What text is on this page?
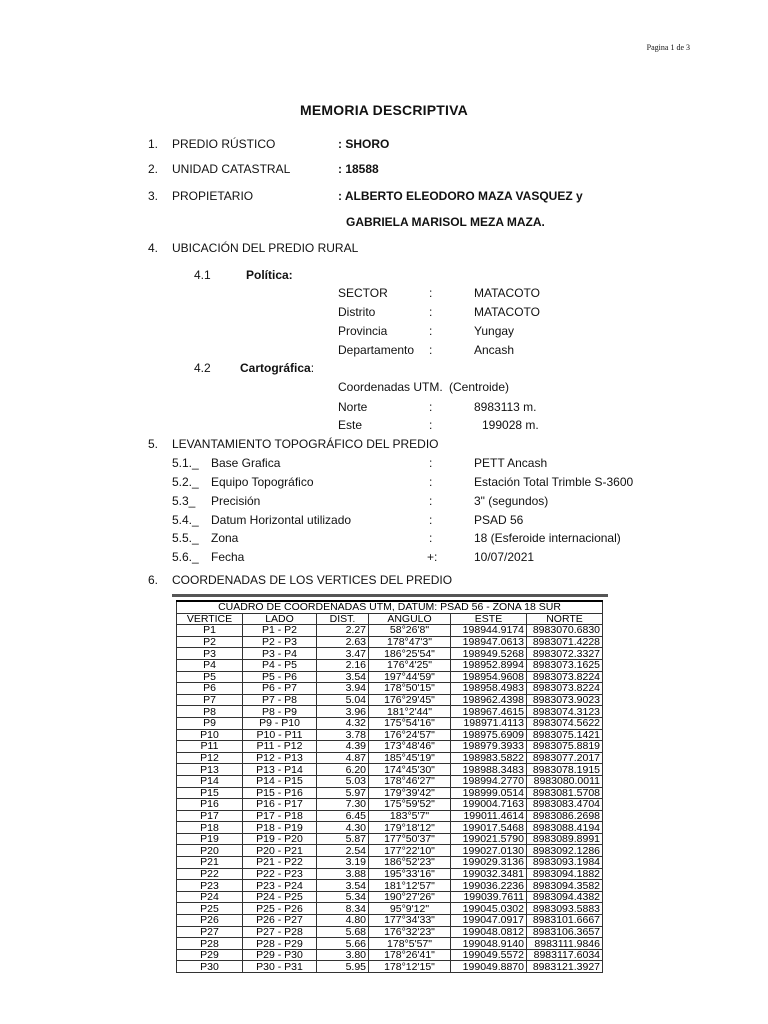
Pagina 1 de 3
MEMORIA DESCRIPTIVA
1. PREDIO RÚSTICO	: SHORO
2. UNIDAD CATASTRAL	: 18588
3. PROPIETARIO	: ALBERTO ELEODORO MAZA VASQUEZ y
GABRIELA MARISOL MEZA MAZA.
4. UBICACIÓN DEL PREDIO RURAL
4.1	Política:
SECTOR	:	MATACOTO
Distrito	:	MATACOTO
Provincia	:	Yungay
Departamento :	Ancash
4.2 Cartográfica:
Coordenadas UTM. (Centroide)
Norte	:	8983113 m.
Este	:	199028 m.
5. LEVANTAMIENTO TOPOGRÁFICO DEL PREDIO
5.1._ Base Grafica	:	PETT Ancash
5.2._ Equipo Topográfico	:	Estación Total Trimble S-3600
5.3_ Precisión	:	3" (segundos)
5.4._ Datum Horizontal utilizado	:	PSAD 56
5.5._ Zona	:	18 (Esferoide internacional)
5.6._ Fecha	+:	10/07/2021
6. COORDENADAS DE LOS VERTICES DEL PREDIO
CUADRO DE COORDENADAS UTM, DATUM: PSAD 56 - ZONA 18 SUR					
VERTICE	LADO	DIST.	ANGULO	ESTE	NORTE
P1	P1 - P2	2.27	58°26'8"	198944.9174	8983070.6830
P2	P2 - P3	2.63	178°47'3"	198947.0613	8983071.4228
P3	P3 - P4	3.47	186°25'54"	198949.5268	8983072.3327
P4	P4 - P5	2.16	176°4'25"	198952.8994	8983073.1625
P5	P5 - P6	3.54	197°44'59"	198954.9608	8983073.8224
P6	P6 - P7	3.94	178°50'15"	198958.4983	8983073.8224
P7	P7 - P8	5.04	176°29'45"	198962.4398	8983073.9023
P8	P8 - P9	3.96	181°2'44"	198967.4615	8983074.3123
P9	P9 - P10	4.32	175°54'16"	198971.4113	8983074.5622
P10	P10 - P11	3.78	176°24'57"	198975.6909	8983075.1421
P11	P11 - P12	4.39	173°48'46"	198979.3933	8983075.8819
P12	P12 - P13	4.87	185°45'19"	198983.5822	8983077.2017
P13	P13 - P14	6.20	174°45'30"	198988.3483	8983078.1915
P14	P14 - P15	5.03	178°46'27"	198994.2770	8983080.0011
P15	P15 - P16	5.97	179°39'42"	198999.0514	8983081.5708
P16	P16 - P17	7.30	175°59'52"	199004.7163	8983083.4704
P17	P17 - P18	6.45	183°5'7"	199011.4614	8983086.2698
P18	P18 - P19	4.30	179°18'12"	199017.5468	8983088.4194
P19	P19 - P20	5.87	177°50'37"	199021.5790	8983089.8991
P20	P20 - P21	2.54	177°22'10"	199027.0130	8983092.1286
P21	P21 - P22	3.19	186°52'23"	199029.3136	8983093.1984
P22	P22 - P23	3.88	195°33'16"	199032.3481	8983094.1882
P23	P23 - P24	3.54	181°12'57"	199036.2236	8983094.3582
P24	P24 - P25	5.34	190°27'26"	199039.7611	8983094.4382
P25	P25 - P26	8.34	95°9'12"	199045.0302	8983093.5883
P26	P26 - P27	4.80	177°34'33"	199047.0917	8983101.6667
P27	P27 - P28	5.68	176°32'23"	199048.0812	8983106.3657
P28	P28 - P29	5.66	178°5'57"	199048.9140	8983111.9846
P29	P29 - P30	3.80	178°26'41"	199049.5572	8983117.6034
P30	P30 - P31	5.95	178°12'15"	199049.8870	8983121.3927
